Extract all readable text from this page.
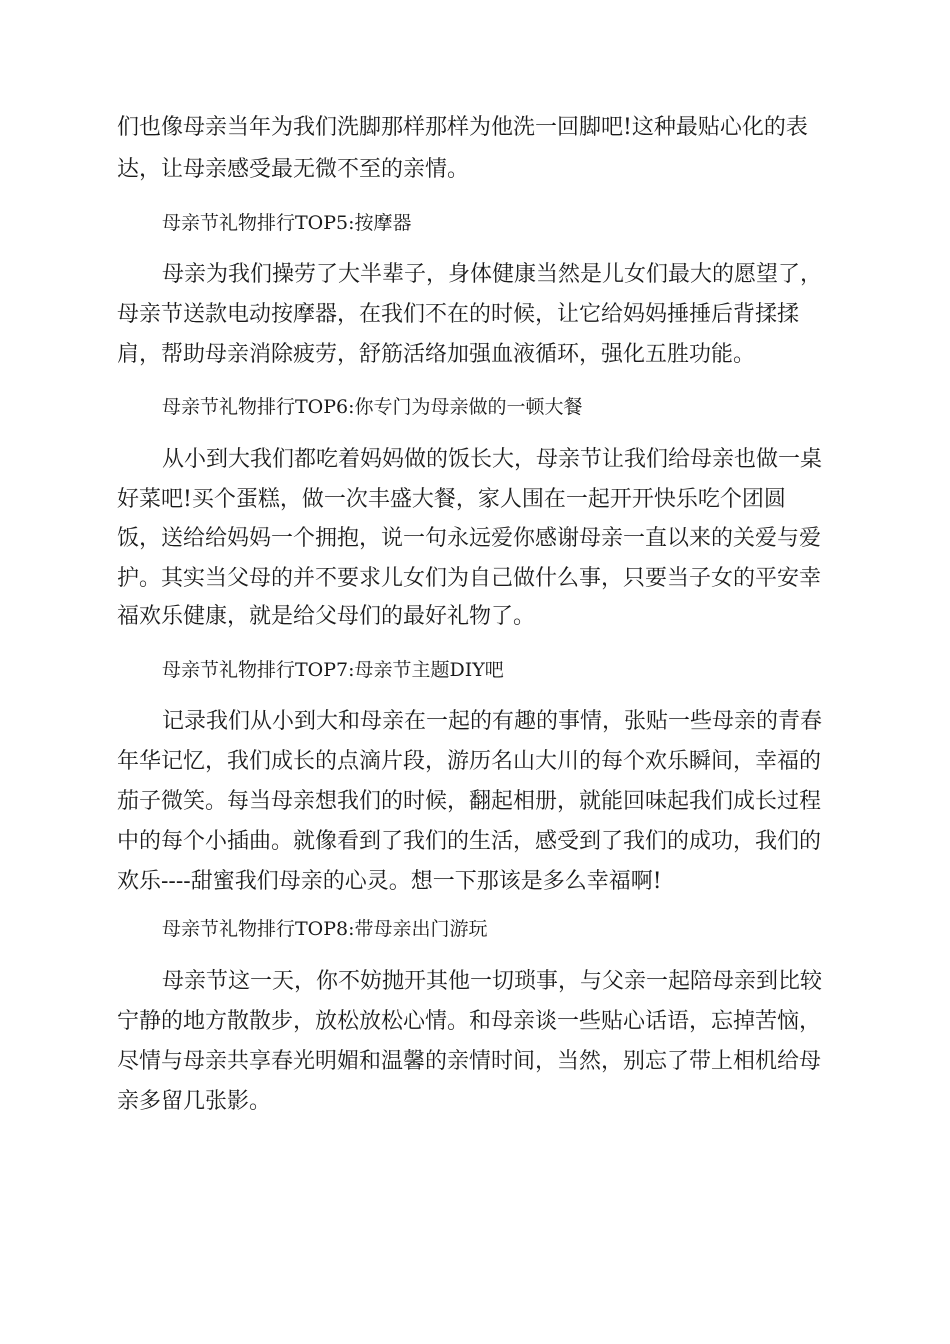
们也像母亲当年为我们洗脚那样那样为他洗一回脚吧!这种最贴心化的表
达，让母亲感受最无微不至的亲情。
母亲节礼物排行TOP5:按摩器
母亲为我们操劳了大半辈子，身体健康当然是儿女们最大的愿望了，
母亲节送款电动按摩器，在我们不在的时候，让它给妈妈捶捶后背揉揉
肩，帮助母亲消除疲劳，舒筋活络加强血液循环，强化五胜功能。
母亲节礼物排行TOP6:你专门为母亲做的一顿大餐
从小到大我们都吃着妈妈做的饭长大，母亲节让我们给母亲也做一桌
好菜吧!买个蛋糕，做一次丰盛大餐，家人围在一起开开快乐吃个团圆
饭，送给给妈妈一个拥抱，说一句永远爱你感谢母亲一直以来的关爱与爱
护。其实当父母的并不要求儿女们为自己做什么事，只要当子女的平安幸
福欢乐健康，就是给父母们的最好礼物了。
母亲节礼物排行TOP7:母亲节主题DIY吧
记录我们从小到大和母亲在一起的有趣的事情，张贴一些母亲的青春
年华记忆，我们成长的点滴片段，游历名山大川的每个欢乐瞬间，幸福的
茄子微笑。每当母亲想我们的时候，翻起相册，就能回味起我们成长过程
中的每个小插曲。就像看到了我们的生活，感受到了我们的成功，我们的
欢乐----甜蜜我们母亲的心灵。想一下那该是多么幸福啊!
母亲节礼物排行TOP8:带母亲出门游玩
母亲节这一天，你不妨抛开其他一切琐事，与父亲一起陪母亲到比较
宁静的地方散散步，放松放松心情。和母亲谈一些贴心话语，忘掉苦恼，
尽情与母亲共享春光明媚和温馨的亲情时间，当然，别忘了带上相机给母
亲多留几张影。
